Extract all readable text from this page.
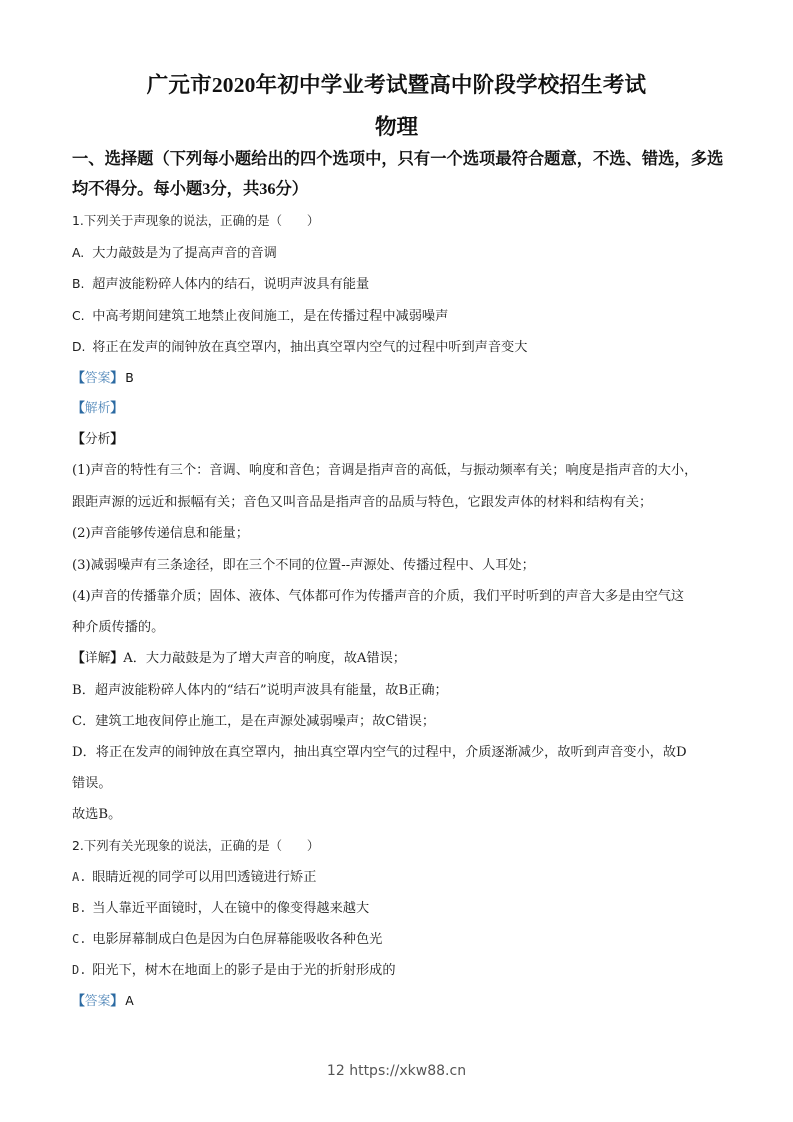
广元市2020年初中学业考试暨高中阶段学校招生考试
物理
一、选择题（下列每小题给出的四个选项中，只有一个选项最符合题意，不选、错选，多选
均不得分。每小题3分，共36分）
1.下列关于声现象的说法，正确的是（　　）
A. 大力敲鼓是为了提高声音的音调
B. 超声波能粉碎人体内的结石，说明声波具有能量
C. 中高考期间建筑工地禁止夜间施工，是在传播过程中减弱噪声
D. 将正在发声的闹钟放在真空罩内，抽出真空罩内空气的过程中听到声音变大
【答案】 B
【解析】
【分析】
(1)声音的特性有三个：音调、响度和音色；音调是指声音的高低，与振动频率有关；响度是指声音的大小，
跟距声源的远近和振幅有关；音色又叫音品是指声音的品质与特色，它跟发声体的材料和结构有关；
(2)声音能够传递信息和能量；
(3)减弱噪声有三条途径，即在三个不同的位置--声源处、传播过程中、人耳处；
(4)声音的传播靠介质；固体、液体、气体都可作为传播声音的介质，我们平时听到的声音大多是由空气这
种介质传播的。
【详解】A．大力敲鼓是为了增大声音的响度，故A错误；
B．超声波能粉碎人体内的“结石”说明声波具有能量，故B正确；
C．建筑工地夜间停止施工，是在声源处减弱噪声；故C错误；
D．将正在发声的闹钟放在真空罩内，抽出真空罩内空气的过程中，介质逐渐减少，故听到声音变小，故D
错误。
故选B。
2.下列有关光现象的说法，正确的是（　　）
A. 眼睛近视的同学可以用凹透镜进行矫正
B. 当人靠近平面镜时，人在镜中的像变得越来越大
C. 电影屏幕制成白色是因为白色屏幕能吸收各种色光
D. 阳光下，树木在地面上的影子是由于光的折射形成的
【答案】 A
12 https://xkw88.cn
